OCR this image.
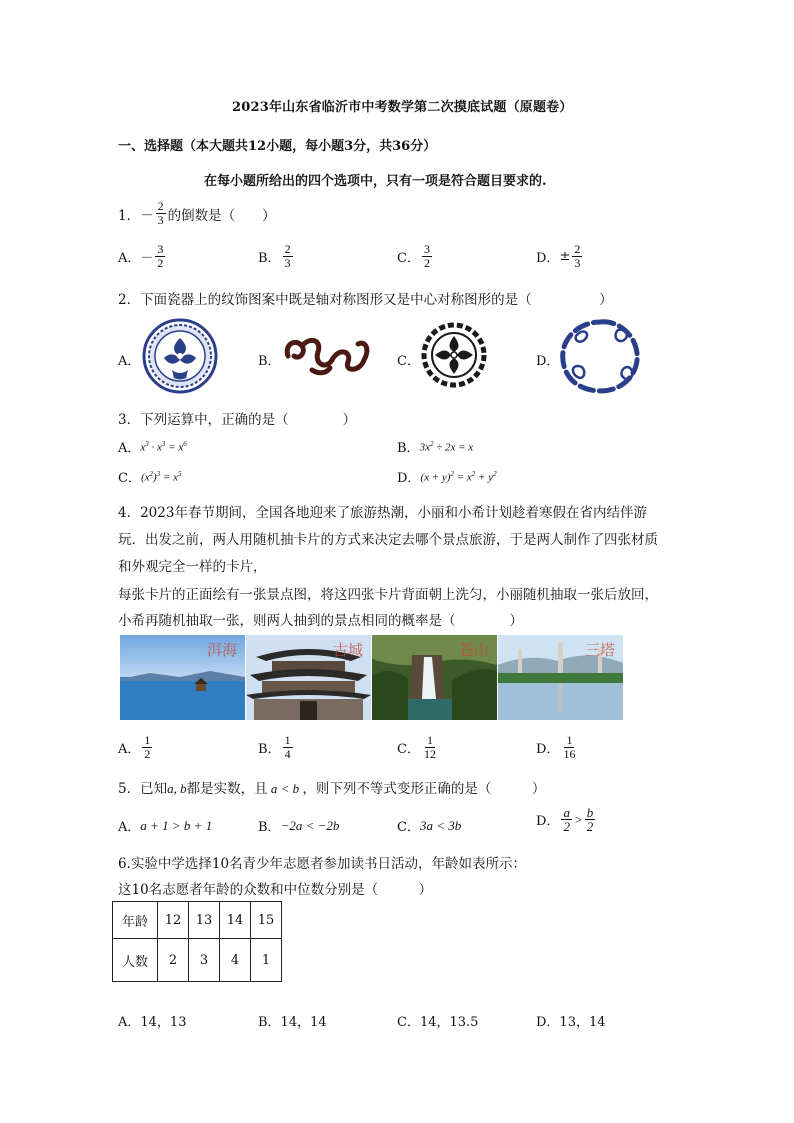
2023年山东省临沂市中考数学第二次摸底试题（原题卷）
一、选择题（本大题共12小题，每小题3分，共36分）
在每小题所给出的四个选项中，只有一项是符合题目要求的.
1． － $\frac{2}{3}$ 的倒数是（　　）
A． － $\frac{3}{2}$	B． $\frac{2}{3}$	C． $\frac{3}{2}$	D． ± $\frac{2}{3}$
2．下面瓷器上的纹饰图案中既是轴对称图形又是中心对称图形的是（　　　　　）
A．	B．	C．	D．
3．下列运算中，正确的是（　　　　）
A． $x^3 \cdot x^3 = x^6$	B． $3x^2 \div 2x = x$
C． $(x^2)^3 = x^5$	D． $(x + y)^2 = x^2 + y^2$
4．2023年春节期间，全国各地迎来了旅游热潮，小丽和小希计划趁着寒假在省内结伴游
玩．出发之前，两人用随机抽卡片的方式来决定去哪个景点旅游，于是两人制作了四张材质
和外观完全一样的卡片，
每张卡片的正面绘有一张景点图，将这四张卡片背面朝上洗匀，小丽随机抽取一张后放回，
小希再随机抽取一张，则两人抽到的景点相同的概率是（　　　　）
洱海	古城	苍山	三塔
A． $\frac{1}{2}$	B． $\frac{1}{4}$	C． $\frac{1}{12}$	D． $\frac{1}{16}$
5．已知 a, b 都是实数，且 a < b ，则下列不等式变形正确的是（　　　）
A． a + 1 > b + 1	B． −2a < −2b	C． 3a < 3b	D． $\frac{a}{2} > \frac{b}{2}$
6.实验中学选择10名青少年志愿者参加读书日活动，年龄如表所示：
这10名志愿者年龄的众数和中位数分别是（　　　）
年龄	12	13	14	15
人数	2	3	4	1
A．14，13	B．14，14	C．14，13.5	D．13，14
